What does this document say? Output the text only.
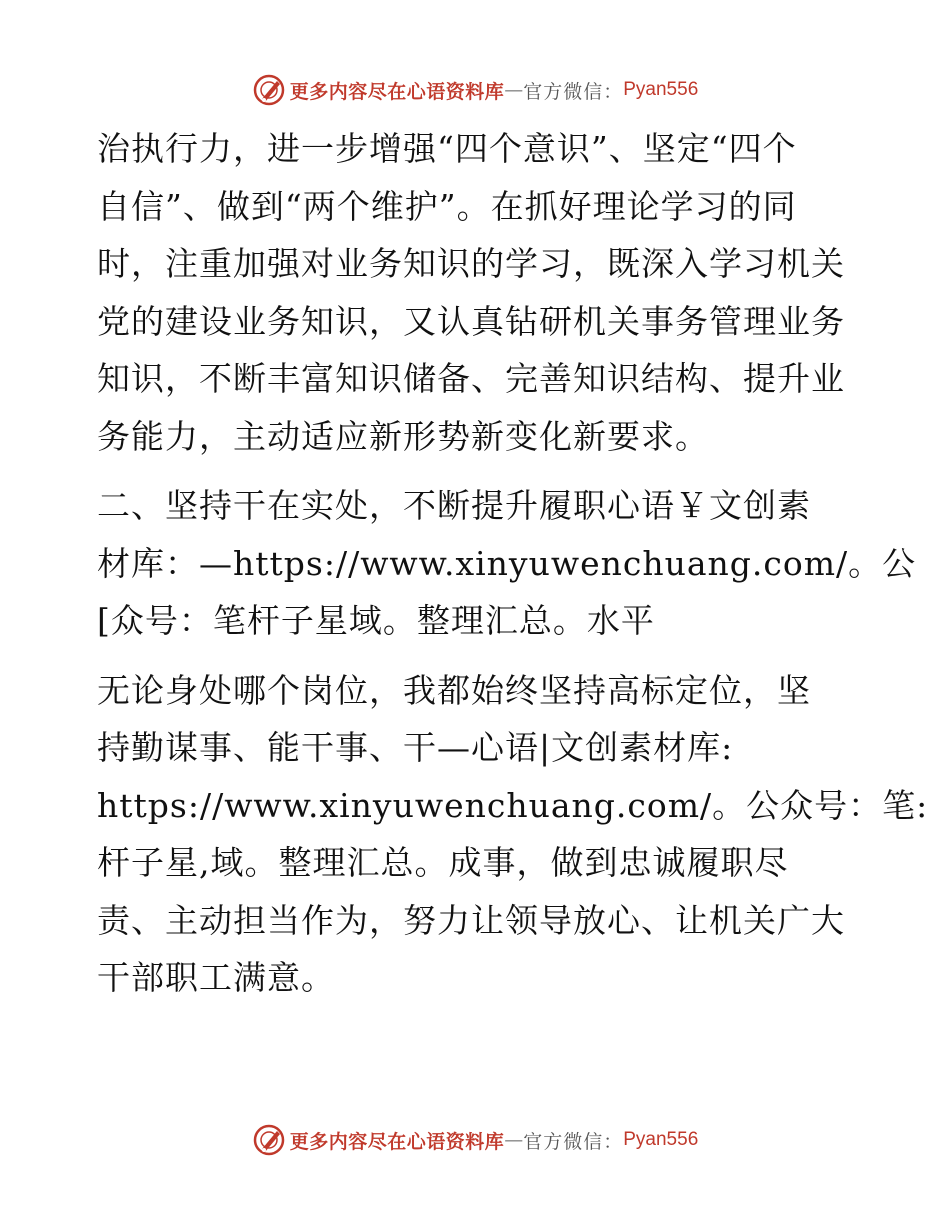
更多内容尽在心语资料库 — 官方微信： Pyan556

治执行力，进一步增强“四个意识”、坚定“四个

自信”、做到“两个维护”。在抓好理论学习的同

时，注重加强对业务知识的学习，既深入学习机关

党的建设业务知识，又认真钻研机关事务管理业务

知识，不断丰富知识储备、完善知识结构、提升业

务能力，主动适应新形势新变化新要求。

二、坚持干在实处，不断提升履职心语￥文创素

材库：—https://www.xinyuwenchuang.com/。公

[众号：笔杆子星域。整理汇总。水平

无论身处哪个岗位，我都始终坚持高标定位，坚

持勤谋事、能干事、干—心语|文创素材库:

https://www.xinyuwenchuang.com/。公众号：笔:

杆子星,域。整理汇总。成事，做到忠诚履职尽

责、主动担当作为，努力让领导放心、让机关广大

干部职工满意。

更多内容尽在心语资料库 — 官方微信： Pyan556
